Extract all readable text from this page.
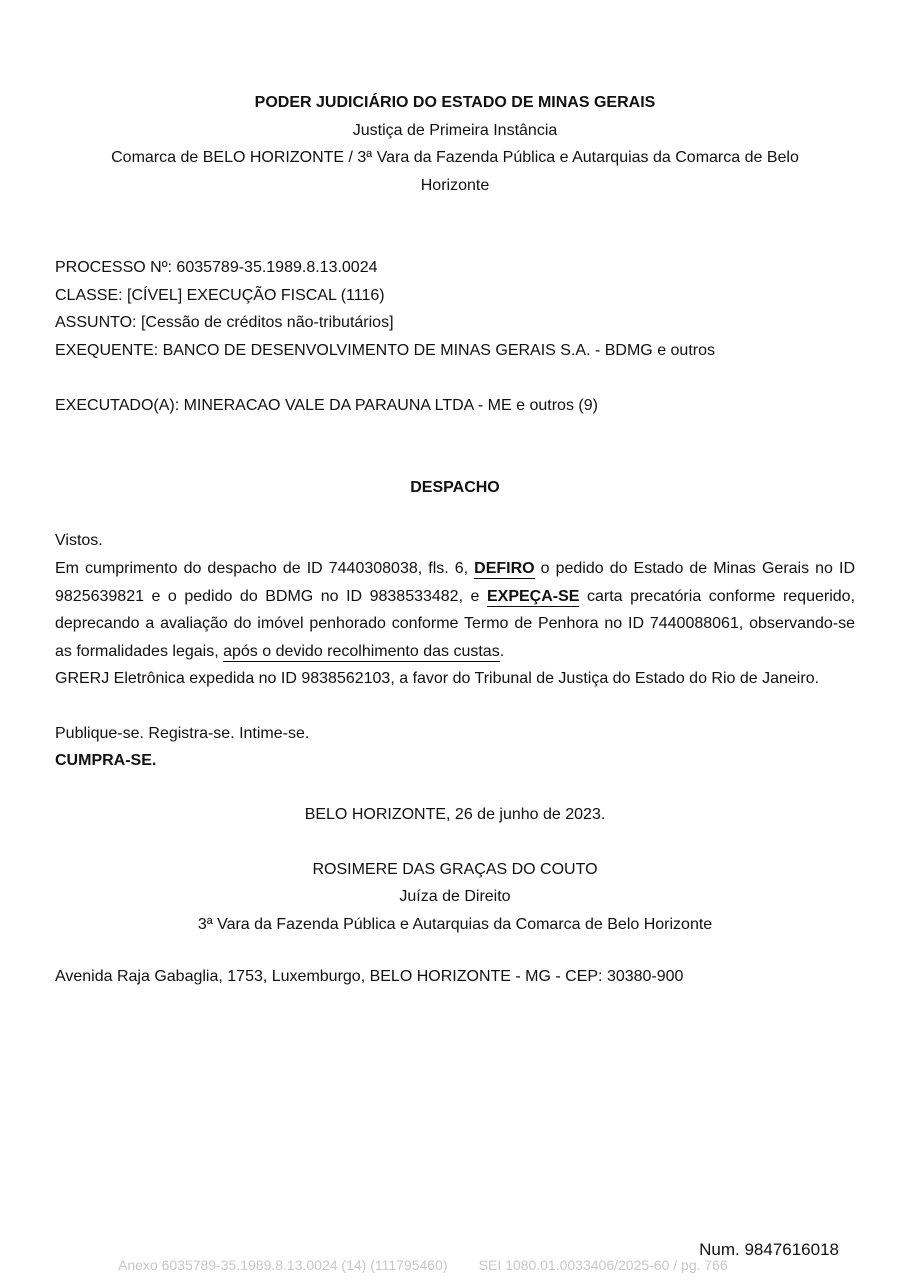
PODER JUDICIÁRIO DO ESTADO DE MINAS GERAIS
Justiça de Primeira Instância
Comarca de BELO HORIZONTE / 3ª Vara da Fazenda Pública e Autarquias da Comarca de Belo
Horizonte
PROCESSO Nº: 6035789-35.1989.8.13.0024
CLASSE: [CÍVEL] EXECUÇÃO FISCAL (1116)
ASSUNTO: [Cessão de créditos não-tributários]
EXEQUENTE: BANCO DE DESENVOLVIMENTO DE MINAS GERAIS S.A. - BDMG e outros
EXECUTADO(A): MINERACAO VALE DA PARAUNA LTDA - ME e outros (9)
DESPACHO
Vistos.
Em cumprimento do despacho de ID 7440308038, fls. 6, DEFIRO o pedido do Estado de Minas Gerais no ID 9825639821 e o pedido do BDMG no ID 9838533482, e EXPEÇA-SE carta precatória conforme requerido, deprecando a avaliação do imóvel penhorado conforme Termo de Penhora no ID 7440088061, observando-se as formalidades legais, após o devido recolhimento das custas.
GRERJ Eletrônica expedida no ID 9838562103, a favor do Tribunal de Justiça do Estado do Rio de Janeiro.
Publique-se. Registra-se. Intime-se.
CUMPRA-SE.
BELO HORIZONTE, 26 de junho de 2023.
ROSIMERE DAS GRAÇAS DO COUTO
Juíza de Direito
3ª Vara da Fazenda Pública e Autarquias da Comarca de Belo Horizonte
Avenida Raja Gabaglia, 1753, Luxemburgo, BELO HORIZONTE - MG - CEP: 30380-900
Num. 9847616018
Anexo 6035789-35.1989.8.13.0024 (14) (111795460) SEI 1080.01.0033406/2025-60 / pg. 766
